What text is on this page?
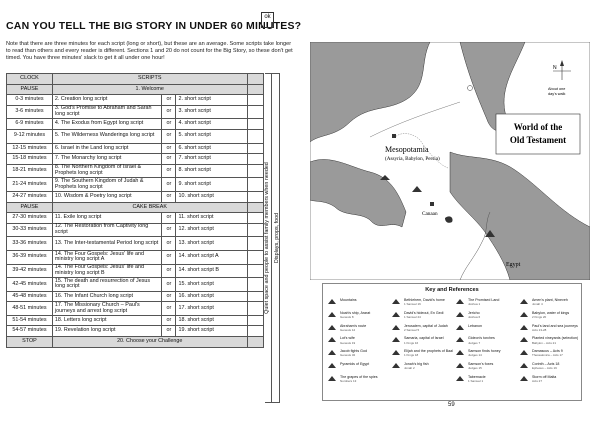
CAN YOU TELL THE BIG STORY IN UNDER 60 MINUTES?
ok
Note that there are three minutes for each script (long or short), but these are an average. Some scripts take longer to read than others and every reader is different. Sections 1 and 20 do not count for the Big Story, so these don't get timed. You have three minutes' slack to get it all under one hour!
CLOCK	SCRIPTS			
PAUSE	1. Welcome			
0-3 minutes	2. Creation long script	or	2. short script	
3-6 minutes	3. God's Promise to Abraham and Sarah long script	or	3. short script	
6-9 minutes	4. The Exodus from Egypt long script	or	4. short script	
9-12 minutes	5. The Wilderness Wanderings long script	or	5. short script	
12-15 minutes	6. Israel in the Land long script	or	6. short script	
15-18 minutes	7. The Monarchy long script	or	7. short script	
18-21 minutes	8. The Northern Kingdom of Israel & Prophets long script	or	8. short script	
21-24 minutes	9. The Southern Kingdom of Judah & Prophets long script	or	9. short script	
24-27 minutes	10. Wisdom & Poetry long script	or	10. short script	
PAUSE	CAKE BREAK			
27-30 minutes	11. Exile long script	or	11. short script	
30-33 minutes	12. The Restoration from Captivity long script	or	12. short script	
33-36 minutes	13. The Inter-testamental Period long script	or	13. short script	
36-39 minutes	14. The Four Gospels: Jesus' life and ministry long script A	or	14. short script A	
39-42 minutes	14. The Four Gospels: Jesus' life and ministry long script B	or	14. short script B	
42-45 minutes	15. The death and resurrection of Jesus long script	or	15. short script	
45-48 minutes	16. The Infant Church long script	or	16. short script	
48-51 minutes	17. The Missionary Church – Paul's journeys and arrest long script	or	17. short script	
51-54 minutes	18. Letters long script	or	18. short script	
54-57 minutes	19. Revelation long script	or	19. short script	
STOP	20. Choose your Challenge			
Quiet space and people to assist family members when needed Displays, props, food
World of the
Old Testament
Mesopotamia
(Assyria, Babylon, Persia)
Canaan
Egypt
N
About one
day's walk
Key and References
Mountains
Noah's ship, Ararat
Genesis 8
Abraham's route
Genesis 12
Lot's wife
Genesis 19
Jacob fights God
Genesis 32
Pyramids of Egypt
The grapes of the spies
Numbers 13
Bethlehem, David's home
1 Samuel 16
David's hideout, En Gedi
1 Samuel 24
Jerusalem, capital of Judah
2 Samuel 5
Samaria, capital of Israel
1 Kings 16
Elijah and the prophets of Baal
1 Kings 18
Jonah's big fish
Jonah 2
The Promised Land
Joshua 1
Jericho
Joshua 6
Lebanon
Gideon's torches
Judges 7
Samson finds honey
Judges 14
Samson's foxes
Judges 15
Tabernacle
1 Samuel 1
Amen's plant, Nineveh
Jonah 4
Babylon, water of kings
2 Kings 20
Paul's land and sea journeys
Acts 13-28
Planted vineyards (selection)
Babylon – Acts 21
Damascus – Acts 9
Thessalonica – Acts 17
Corinth – Acts 18
Ephesus – Acts 19
Storm off Malta
Acts 27
59
